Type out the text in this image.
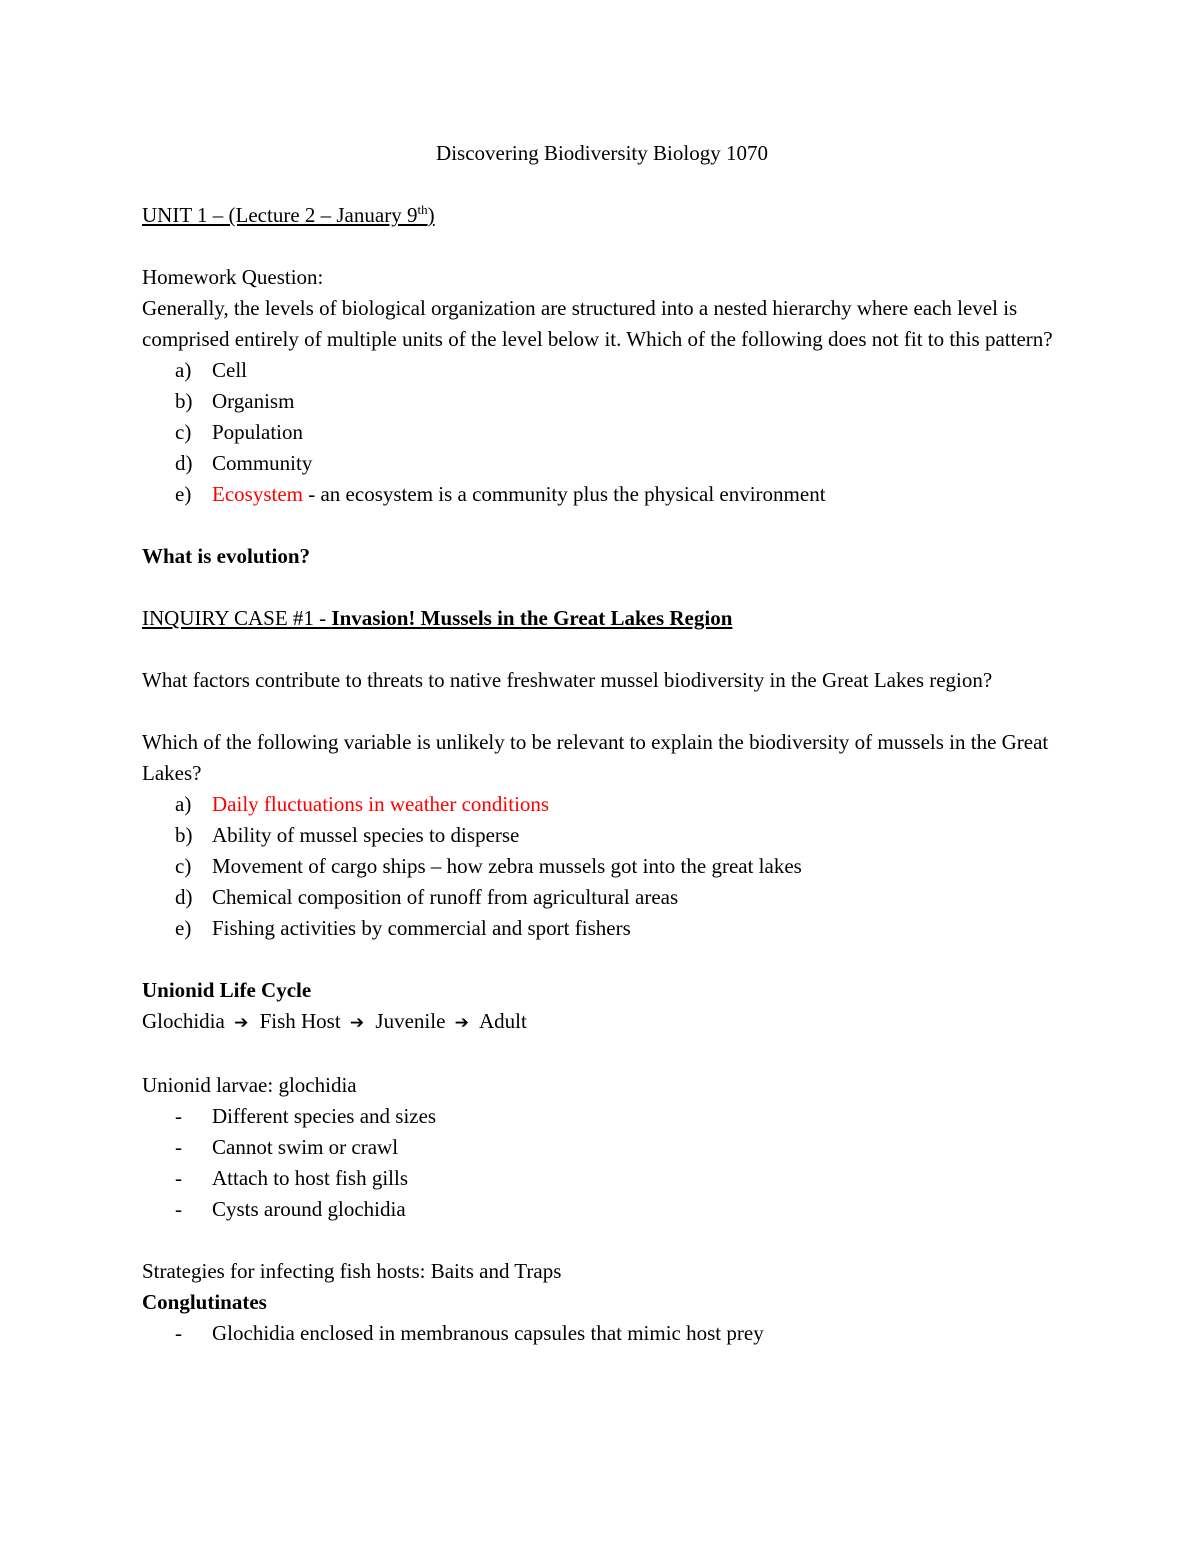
Discovering Biodiversity Biology 1070
UNIT 1 – (Lecture 2 – January 9th)
Homework Question:
Generally, the levels of biological organization are structured into a nested hierarchy where each level is comprised entirely of multiple units of the level below it. Which of the following does not fit to this pattern?
a) Cell
b) Organism
c) Population
d) Community
e) Ecosystem - an ecosystem is a community plus the physical environment
What is evolution?
INQUIRY CASE #1 - Invasion! Mussels in the Great Lakes Region
What factors contribute to threats to native freshwater mussel biodiversity in the Great Lakes region?
Which of the following variable is unlikely to be relevant to explain the biodiversity of mussels in the Great Lakes?
a) Daily fluctuations in weather conditions
b) Ability of mussel species to disperse
c) Movement of cargo ships – how zebra mussels got into the great lakes
d) Chemical composition of runoff from agricultural areas
e) Fishing activities by commercial and sport fishers
Unionid Life Cycle
Glochidia ➔ Fish Host ➔ Juvenile ➔ Adult
Unionid larvae: glochidia
- Different species and sizes
- Cannot swim or crawl
- Attach to host fish gills
- Cysts around glochidia
Strategies for infecting fish hosts: Baits and Traps
Conglutinates
- Glochidia enclosed in membranous capsules that mimic host prey
